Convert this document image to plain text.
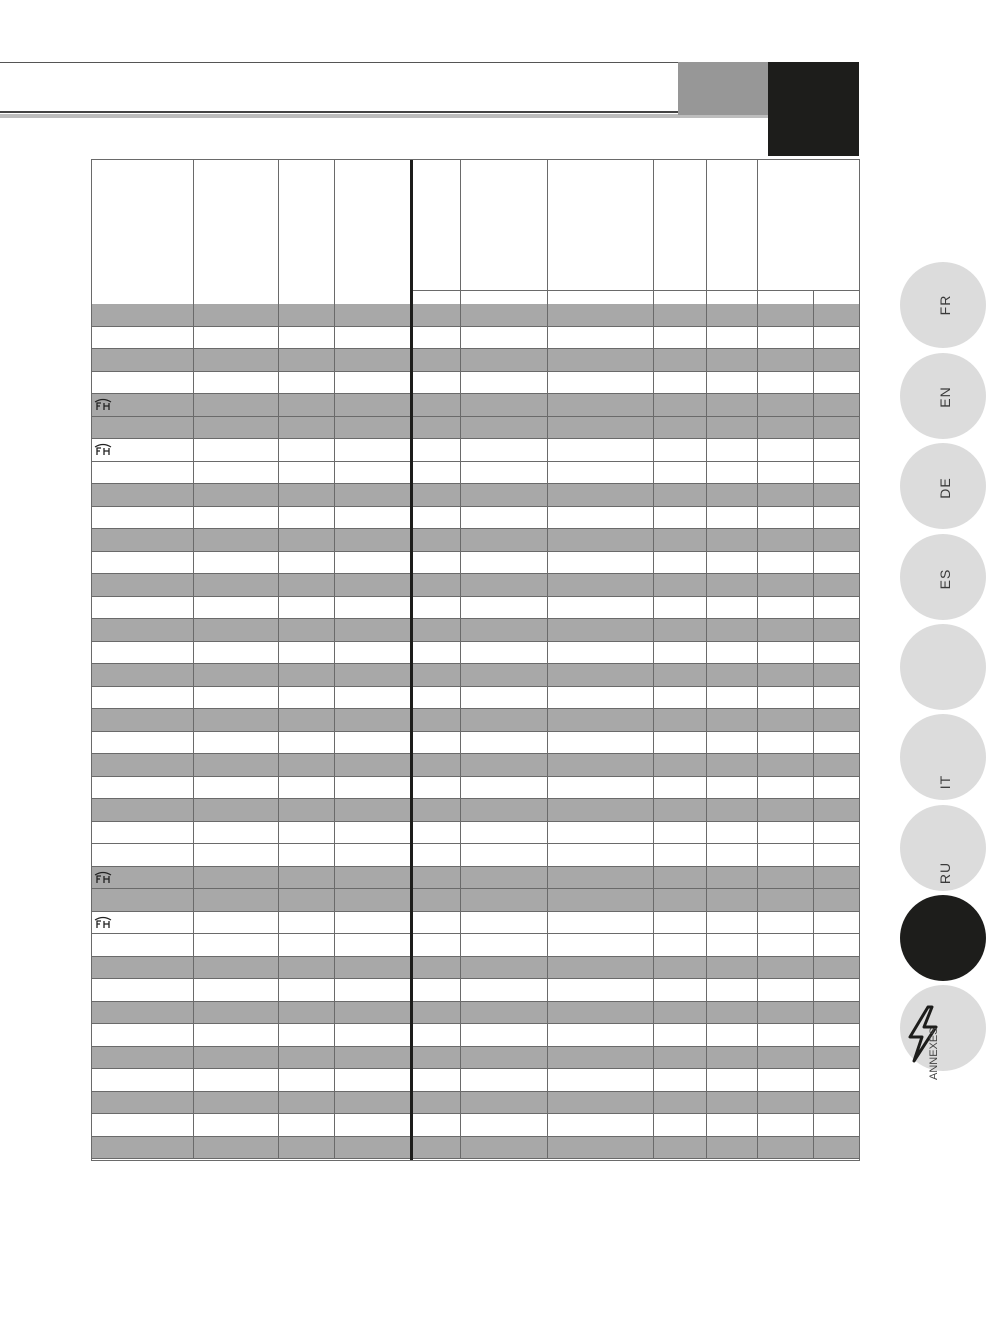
FR
EN
DE
ES
IT
RU
ANNEXES
